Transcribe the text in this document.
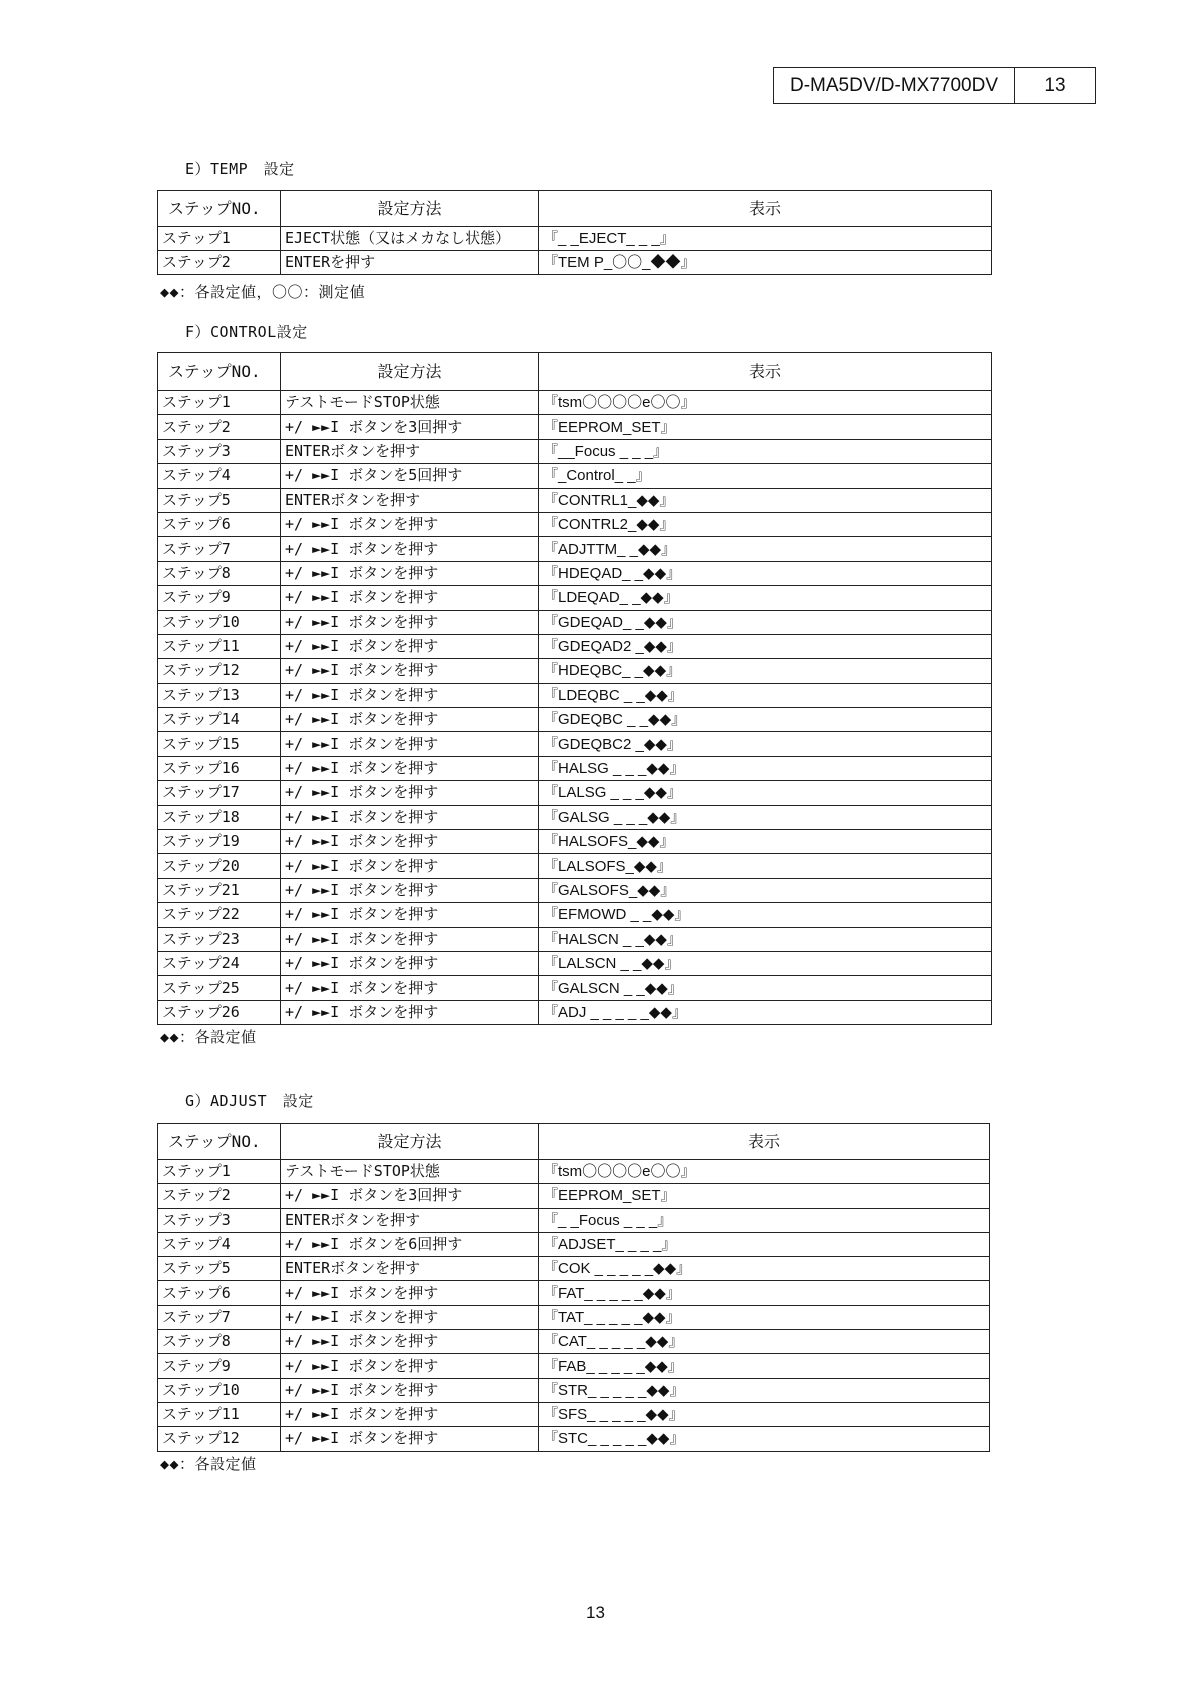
D-MA5DV/D-MX7700DV	13
E）TEMP　設定
ステップNO.	設定方法	表示
ステップ1	EJECT状態（又はメカなし状態）	『_ _EJECT_ _ _』
ステップ2	ENTERを押す	『TEM P_〇〇_◆◆』
◆◆：各設定値，〇〇：測定値
F）CONTROL設定
ステップNO.	設定方法	表示
ステップ1	テストモードSTOP状態	『tsm〇〇〇〇e〇〇』
ステップ2	+/ ►►I ボタンを3回押す	『EEPROM_SET』
ステップ3	ENTERボタンを押す	『__Focus _ _ _』
ステップ4	+/ ►►I ボタンを5回押す	『_Control_ _』
ステップ5	ENTERボタンを押す	『CONTRL1_◆◆』
ステップ6	+/ ►►I ボタンを押す	『CONTRL2_◆◆』
ステップ7	+/ ►►I ボタンを押す	『ADJTTM_ _◆◆』
ステップ8	+/ ►►I ボタンを押す	『HDEQAD_ _◆◆』
ステップ9	+/ ►►I ボタンを押す	『LDEQAD_ _◆◆』
ステップ10	+/ ►►I ボタンを押す	『GDEQAD_ _◆◆』
ステップ11	+/ ►►I ボタンを押す	『GDEQAD2 _◆◆』
ステップ12	+/ ►►I ボタンを押す	『HDEQBC_ _◆◆』
ステップ13	+/ ►►I ボタンを押す	『LDEQBC _ _◆◆』
ステップ14	+/ ►►I ボタンを押す	『GDEQBC _ _◆◆』
ステップ15	+/ ►►I ボタンを押す	『GDEQBC2 _◆◆』
ステップ16	+/ ►►I ボタンを押す	『HALSG _ _ _◆◆』
ステップ17	+/ ►►I ボタンを押す	『LALSG _ _ _◆◆』
ステップ18	+/ ►►I ボタンを押す	『GALSG _ _ _◆◆』
ステップ19	+/ ►►I ボタンを押す	『HALSOFS_◆◆』
ステップ20	+/ ►►I ボタンを押す	『LALSOFS_◆◆』
ステップ21	+/ ►►I ボタンを押す	『GALSOFS_◆◆』
ステップ22	+/ ►►I ボタンを押す	『EFMOWD _ _◆◆』
ステップ23	+/ ►►I ボタンを押す	『HALSCN _ _◆◆』
ステップ24	+/ ►►I ボタンを押す	『LALSCN _ _◆◆』
ステップ25	+/ ►►I ボタンを押す	『GALSCN _ _◆◆』
ステップ26	+/ ►►I ボタンを押す	『ADJ _ _ _ _ _◆◆』
◆◆：各設定値
G）ADJUST　設定
ステップNO.	設定方法	表示
ステップ1	テストモードSTOP状態	『tsm〇〇〇〇e〇〇』
ステップ2	+/ ►►I ボタンを3回押す	『EEPROM_SET』
ステップ3	ENTERボタンを押す	『_ _Focus _ _ _』
ステップ4	+/ ►►I ボタンを6回押す	『ADJSET_ _ _ _』
ステップ5	ENTERボタンを押す	『COK _ _ _ _ _◆◆』
ステップ6	+/ ►►I ボタンを押す	『FAT_ _ _ _ _◆◆』
ステップ7	+/ ►►I ボタンを押す	『TAT_ _ _ _ _◆◆』
ステップ8	+/ ►►I ボタンを押す	『CAT_ _ _ _ _◆◆』
ステップ9	+/ ►►I ボタンを押す	『FAB_ _ _ _ _◆◆』
ステップ10	+/ ►►I ボタンを押す	『STR_ _ _ _ _◆◆』
ステップ11	+/ ►►I ボタンを押す	『SFS_ _ _ _ _◆◆』
ステップ12	+/ ►►I ボタンを押す	『STC_ _ _ _ _◆◆』
◆◆：各設定値
13
